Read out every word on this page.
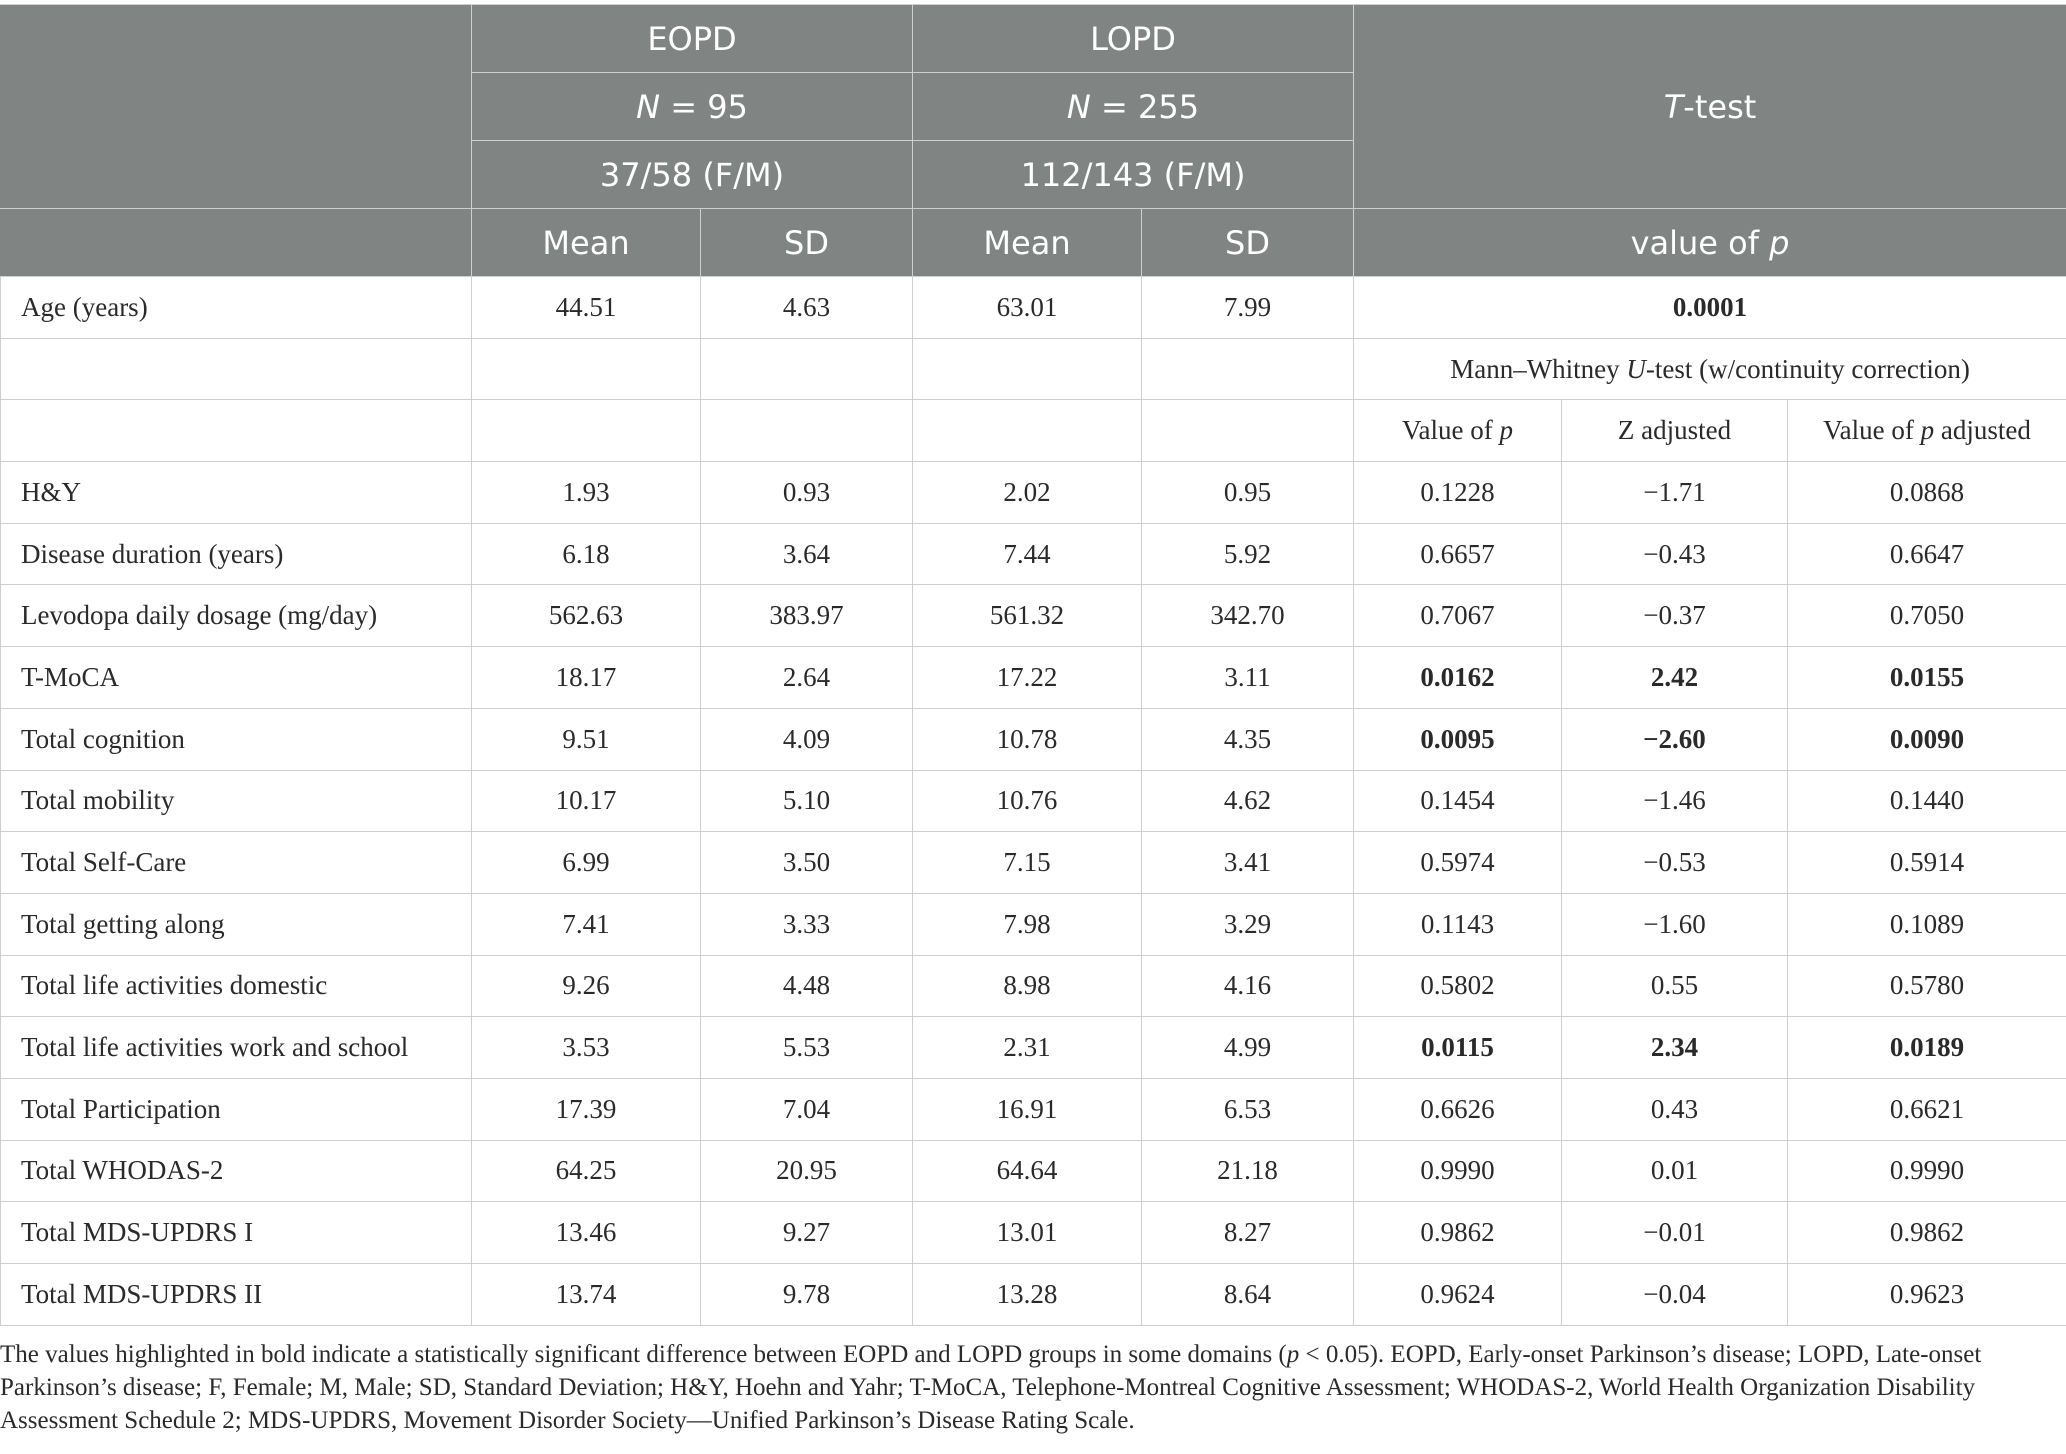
	EOPD		LOPD		T-test		
	N = 95		N = 255				
	37/58 (F/M)		112/143 (F/M)				
	Mean	SD	Mean	SD	value of p		
Age (years)	44.51	4.63	63.01	7.99	0.0001		
					Mann–Whitney U-test (w/continuity correction)		
					Value of p	Z adjusted	Value of p adjusted
H&Y	1.93	0.93	2.02	0.95	0.1228	−1.71	0.0868
Disease duration (years)	6.18	3.64	7.44	5.92	0.6657	−0.43	0.6647
Levodopa daily dosage (mg/day)	562.63	383.97	561.32	342.70	0.7067	−0.37	0.7050
T-MoCA	18.17	2.64	17.22	3.11	0.0162	2.42	0.0155
Total cognition	9.51	4.09	10.78	4.35	0.0095	−2.60	0.0090
Total mobility	10.17	5.10	10.76	4.62	0.1454	−1.46	0.1440
Total Self-Care	6.99	3.50	7.15	3.41	0.5974	−0.53	0.5914
Total getting along	7.41	3.33	7.98	3.29	0.1143	−1.60	0.1089
Total life activities domestic	9.26	4.48	8.98	4.16	0.5802	0.55	0.5780
Total life activities work and school	3.53	5.53	2.31	4.99	0.0115	2.34	0.0189
Total Participation	17.39	7.04	16.91	6.53	0.6626	0.43	0.6621
Total WHODAS-2	64.25	20.95	64.64	21.18	0.9990	0.01	0.9990
Total MDS-UPDRS I	13.46	9.27	13.01	8.27	0.9862	−0.01	0.9862
Total MDS-UPDRS II	13.74	9.78	13.28	8.64	0.9624	−0.04	0.9623
The values highlighted in bold indicate a statistically significant difference between EOPD and LOPD groups in some domains (p < 0.05). EOPD, Early-onset Parkinson’s disease; LOPD, Late-onset Parkinson’s disease; F, Female; M, Male; SD, Standard Deviation; H&Y, Hoehn and Yahr; T-MoCA, Telephone-Montreal Cognitive Assessment; WHODAS-2, World Health Organization Disability Assessment Schedule 2; MDS-UPDRS, Movement Disorder Society—Unified Parkinson’s Disease Rating Scale.
